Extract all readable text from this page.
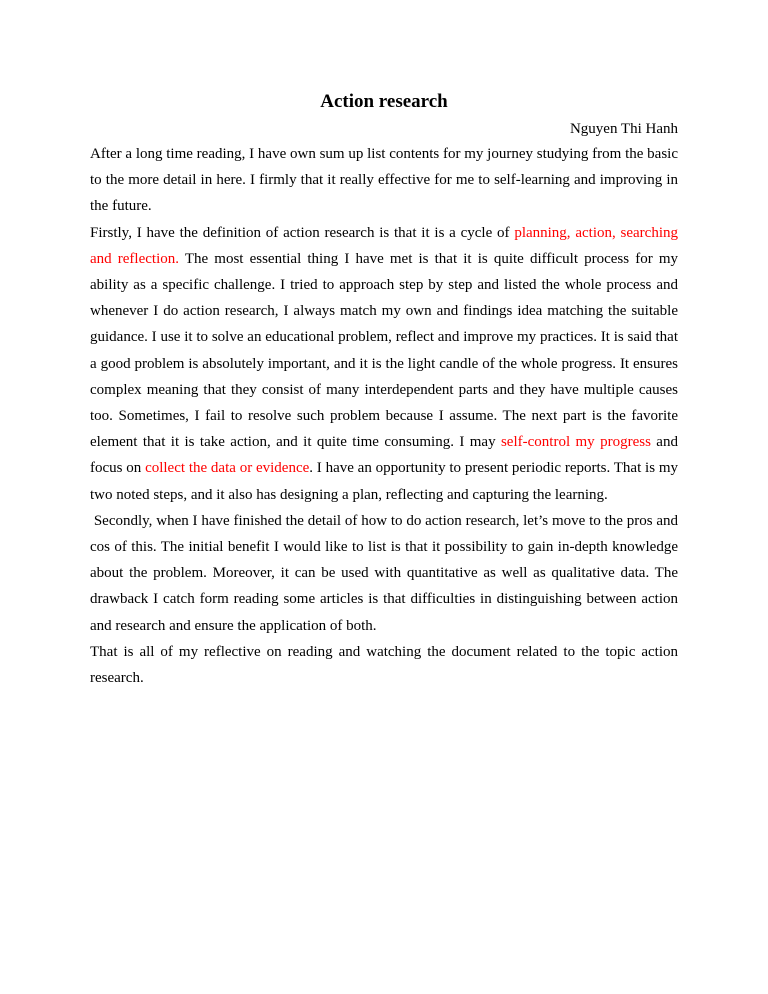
Action research
Nguyen Thi Hanh

After a long time reading, I have own sum up list contents for my journey studying from the basic to the more detail in here. I firmly that it really effective for me to self-learning and improving in the future.

Firstly, I have the definition of action research is that it is a cycle of planning, action, searching and reflection. The most essential thing I have met is that it is quite difficult process for my ability as a specific challenge. I tried to approach step by step and listed the whole process and whenever I do action research, I always match my own and findings idea matching the suitable guidance. I use it to solve an educational problem, reflect and improve my practices. It is said that a good problem is absolutely important, and it is the light candle of the whole progress. It ensures complex meaning that they consist of many interdependent parts and they have multiple causes too. Sometimes, I fail to resolve such problem because I assume. The next part is the favorite element that it is take action, and it quite time consuming. I may self-control my progress and focus on collect the data or evidence. I have an opportunity to present periodic reports. That is my two noted steps, and it also has designing a plan, reflecting and capturing the learning.

Secondly, when I have finished the detail of how to do action research, let’s move to the pros and cos of this. The initial benefit I would like to list is that it possibility to gain in-depth knowledge about the problem. Moreover, it can be used with quantitative as well as qualitative data. The drawback I catch form reading some articles is that difficulties in distinguishing between action and research and ensure the application of both.

That is all of my reflective on reading and watching the document related to the topic action research.
